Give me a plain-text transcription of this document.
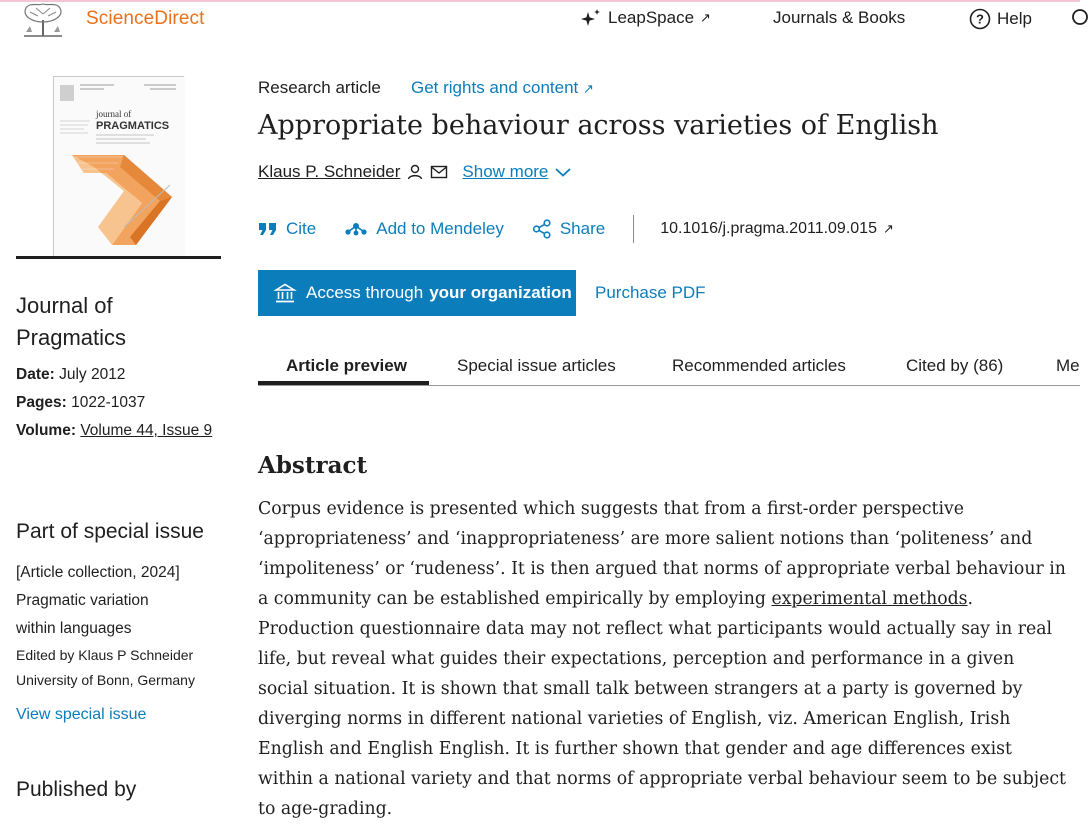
ScienceDirect	LeapSpace ↗	Journals & Books	? Help
journal of
PRAGMATICS
Journal of Pragmatics
Date: July 2012
Pages: 1022-1037
Volume: Volume 44, Issue 9
Part of special issue
[Article collection, 2024]
Pragmatic variation
within languages
Edited by Klaus P Schneider
University of Bonn, Germany
View special issue
Published by
Research article Get rights and content ↗
Appropriate behaviour across varieties of English
Klaus P. Schneider	Show more
Cite	Add to Mendeley	Share	10.1016/j.pragma.2011.09.015 ↗
Access through your organization Purchase PDF
Article preview	Special issue articles	Recommended articles	Cited by (86)	Me
Abstract

Corpus evidence is presented which suggests that from a first-order perspective ‘appropriateness’ and ‘inappropriateness’ are more salient notions than ‘politeness’ and ‘impoliteness’ or ‘rudeness’. It is then argued that norms of appropriate verbal behaviour in a community can be established empirically by employing experimental methods. Production questionnaire data may not reflect what participants would actually say in real life, but reveal what guides their expectations, perception and performance in a given social situation. It is shown that small talk between strangers at a party is governed by diverging norms in different national varieties of English, viz. American English, Irish English and English English. It is further shown that gender and age differences exist within a national variety and that norms of appropriate verbal behaviour seem to be subject to age-grading.
